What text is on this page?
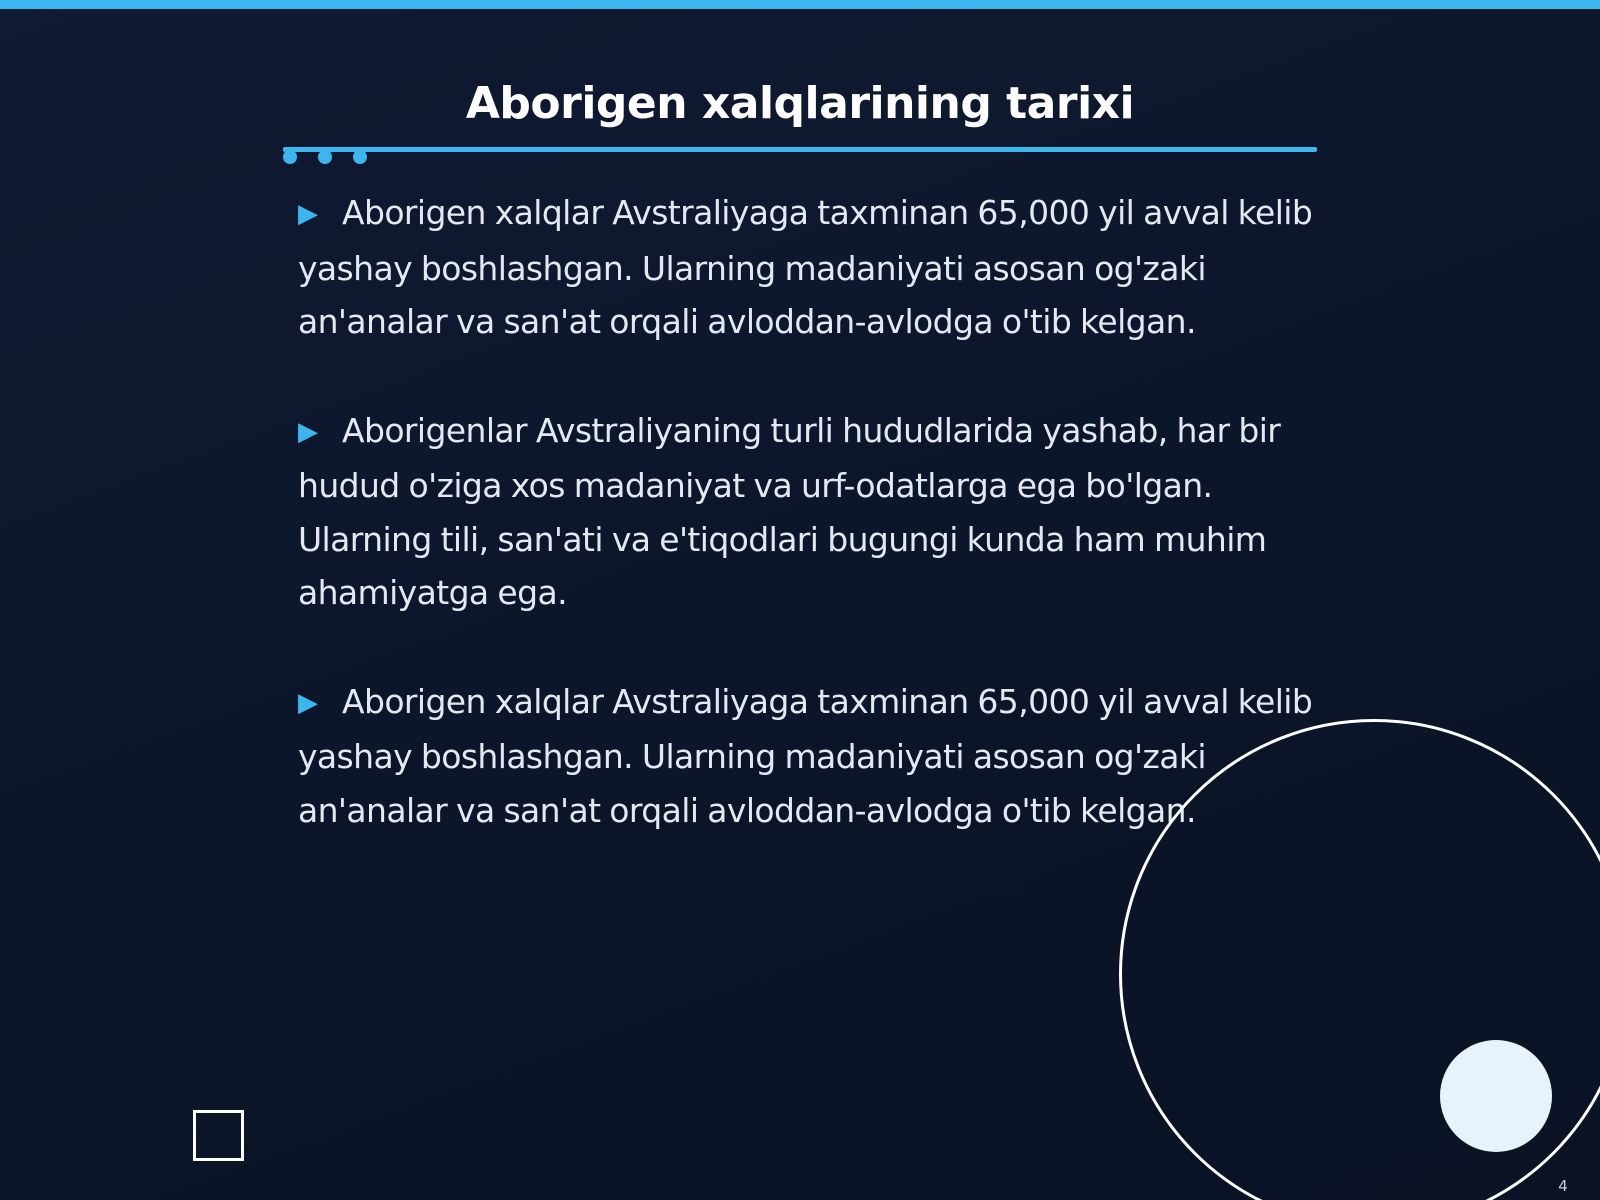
Aborigen xalqlarining tarixi

▶ Aborigen xalqlar Avstraliyaga taxminan 65,000 yil avval kelib yashay boshlashgan. Ularning madaniyati asosan og'zaki an'analar va san'at orqali avloddan-avlodga o'tib kelgan.

▶ Aborigenlar Avstraliyaning turli hududlarida yashab, har bir hudud o'ziga xos madaniyat va urf-odatlarga ega bo'lgan. Ularning tili, san'ati va e'tiqodlari bugungi kunda ham muhim ahamiyatga ega.

▶ Aborigen xalqlar Avstraliyaga taxminan 65,000 yil avval kelib yashay boshlashgan. Ularning madaniyati asosan og'zaki an'analar va san'at orqali avloddan-avlodga o'tib kelgan.

4
